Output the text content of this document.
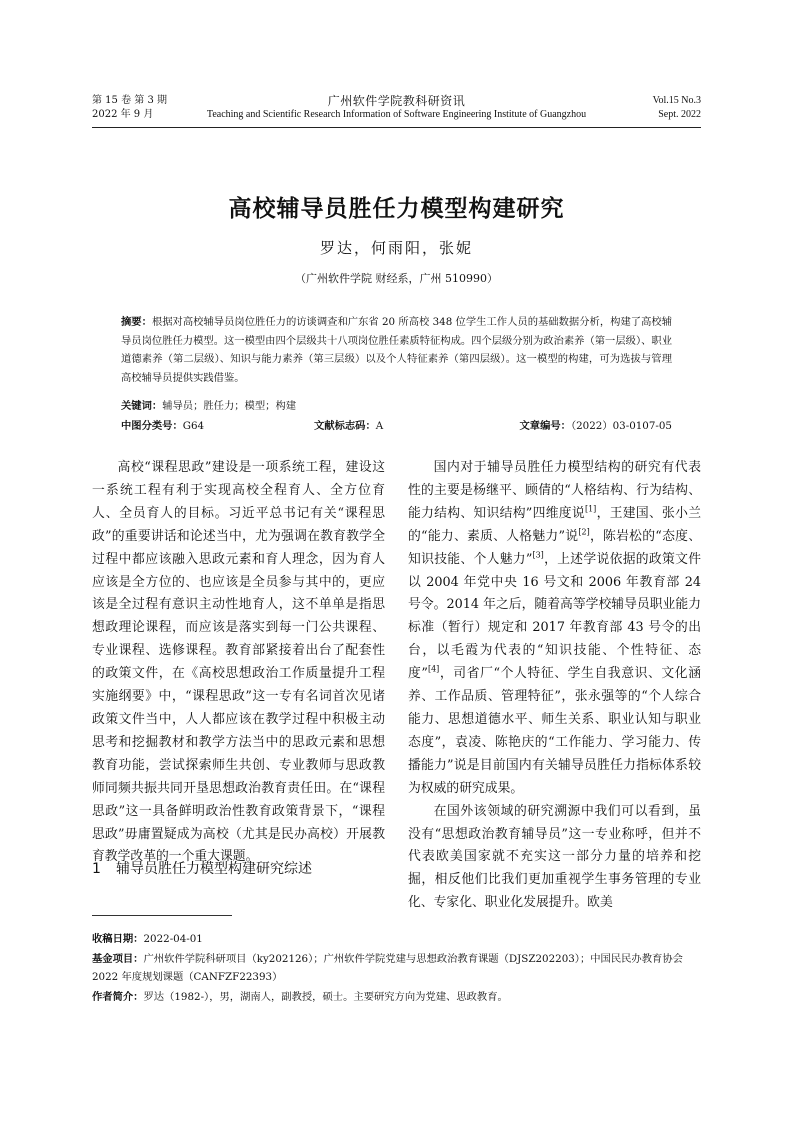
第 15 卷 第 3 期
2022 年 9 月
广州软件学院教科研资讯
Teaching and Scientific Research Information of Software Engineering Institute of Guangzhou
Vol.15 No.3
Sept. 2022
高校辅导员胜任力模型构建研究
罗达，何雨阳，张妮
（广州软件学院 财经系，广州 510990）
摘要：根据对高校辅导员岗位胜任力的访谈调查和广东省 20 所高校 348 位学生工作人员的基础数据分析，构建了高校辅导员岗位胜任力模型。这一模型由四个层级共十八项岗位胜任素质特征构成。四个层级分别为政治素养（第一层级）、职业道德素养（第二层级）、知识与能力素养（第三层级）以及个人特征素养（第四层级）。这一模型的构建，可为选拔与管理高校辅导员提供实践借鉴。
关键词：辅导员；胜任力；模型；构建
中图分类号：G64	文献标志码：A	文章编号：（2022）03-0107-05

高校“课程思政”建设是一项系统工程，建设这一系统工程有利于实现高校全程育人、全方位育人、全员育人的目标。习近平总书记有关“课程思政”的重要讲话和论述当中，尤为强调在教育教学全过程中都应该融入思政元素和育人理念，因为育人应该是全方位的、也应该是全员参与其中的，更应该是全过程有意识主动性地育人，这不单单是指思想政理论课程，而应该是落实到每一门公共课程、专业课程、选修课程。教育部紧接着出台了配套性的政策文件，在《高校思想政治工作质量提升工程实施纲要》中，“课程思政”这一专有名词首次见诸政策文件当中，人人都应该在教学过程中积极主动思考和挖掘教材和教学方法当中的思政元素和思想教育功能，尝试探索师生共创、专业教师与思政教师同频共振共同开垦思想政治教育责任田。在“课程思政”这一具备鲜明政治性教育政策背景下，“课程思政”毋庸置疑成为高校（尤其是民办高校）开展教育教学改革的一个重大课题。

1 辅导员胜任力模型构建研究综述

国内对于辅导员胜任力模型结构的研究有代表性的主要是杨继平、顾倩的“人格结构、行为结构、能力结构、知识结构”四维度说[1]，王建国、张小兰的“能力、素质、人格魅力”说[2]，陈岩松的“态度、知识技能、个人魅力”[3]，上述学说依据的政策文件以 2004 年党中央 16 号文和 2006 年教育部 24 号令。2014 年之后，随着高等学校辅导员职业能力标准（暂行）规定和 2017 年教育部 43 号令的出台，以毛霞为代表的“知识技能、个性特征、态度”[4]，司省厂“个人特征、学生自我意识、文化涵养、工作品质、管理特征”，张永强等的“个人综合能力、思想道德水平、师生关系、职业认知与职业态度”，袁凌、陈艳庆的“工作能力、学习能力、传播能力”说是目前国内有关辅导员胜任力指标体系较为权威的研究成果。

在国外该领域的研究溯源中我们可以看到，虽没有“思想政治教育辅导员”这一专业称呼，但并不代表欧美国家就不充实这一部分力量的培养和挖掘，相反他们比我们更加重视学生事务管理的专业化、专家化、职业化发展提升。欧美

收稿日期：2022-04-01
基金项目：广州软件学院科研项目（ky202126）；广州软件学院党建与思想政治教育课题（DJSZ202203）；中国民民办教育协会 2022 年度规划课题（CANFZF22393）
作者简介：罗达（1982-），男，湖南人，副教授，硕士。主要研究方向为党建、思政教育。
